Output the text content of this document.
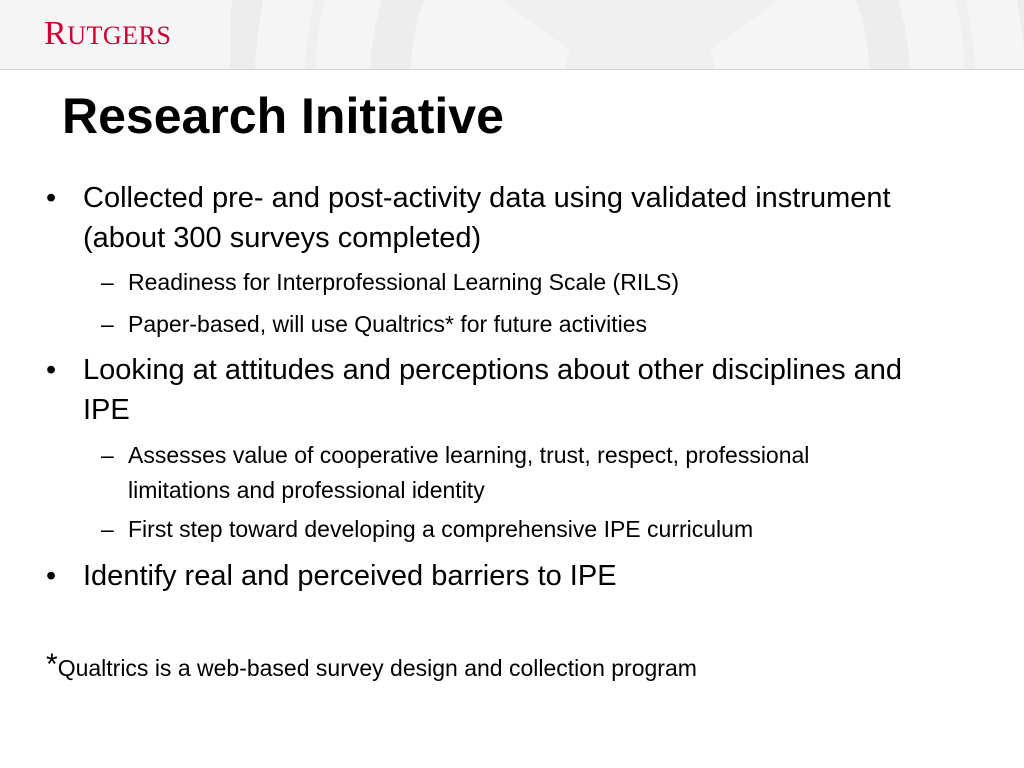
RUTGERS
Research Initiative
• Collected pre- and post-activity data using validated instrument (about 300 surveys completed)
– Readiness for Interprofessional Learning Scale (RILS)
– Paper-based, will use Qualtrics* for future activities
• Looking at attitudes and perceptions about other disciplines and IPE
– Assesses value of cooperative learning, trust, respect, professional limitations and professional identity
– First step toward developing a comprehensive IPE curriculum
• Identify real and perceived barriers to IPE
*Qualtrics is a web-based survey design and collection program
